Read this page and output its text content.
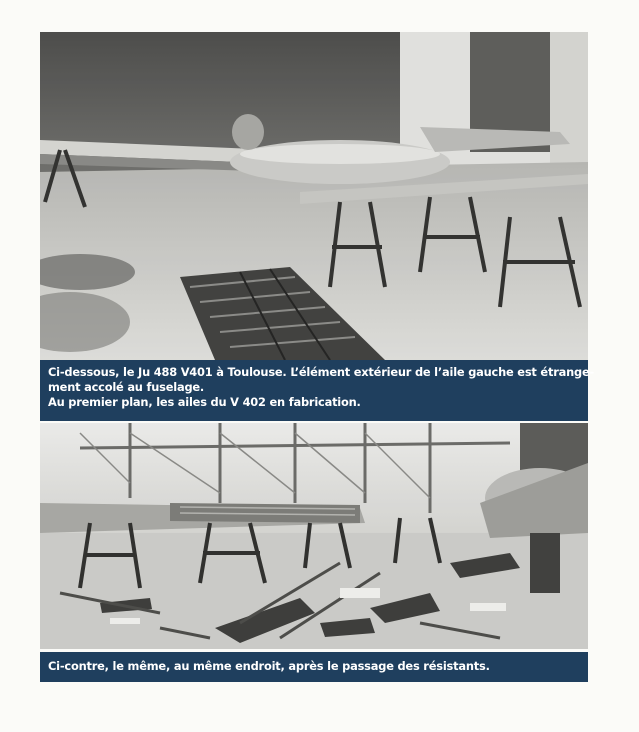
Ci-dessous, le Ju 488 V401 à Toulouse. L’élément extérieur de l’aile gauche est étrange-
ment accolé au fuselage.
Au premier plan, les ailes du V 402 en fabrication.
Ci-contre, le même, au même endroit, après le passage des résistants.
